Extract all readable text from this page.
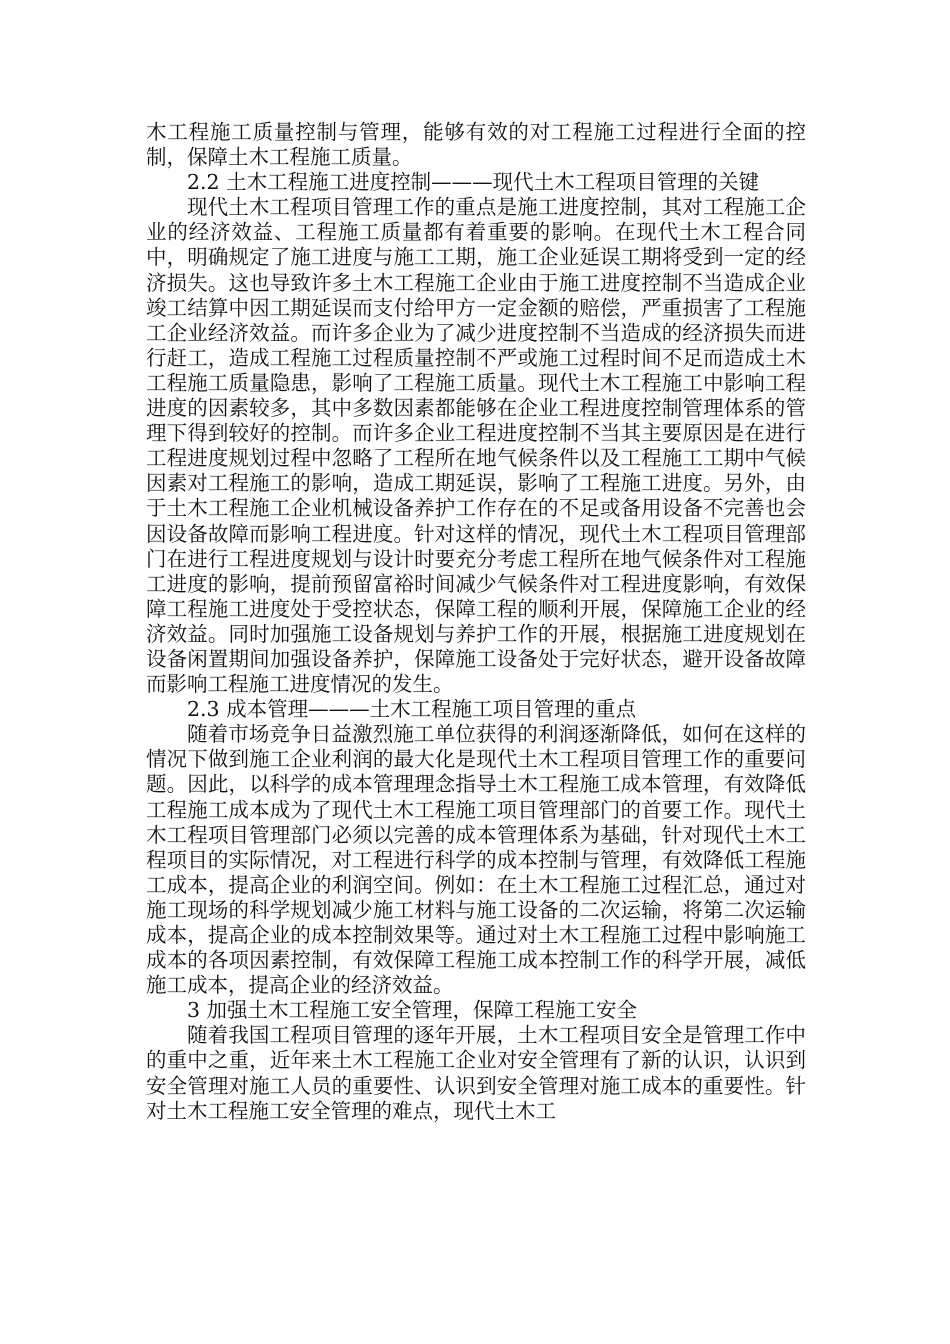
木工程施工质量控制与管理，能够有效的对工程施工过程进行全面的控制，保障土木工程施工质量。

2.2 土木工程施工进度控制———现代土木工程项目管理的关键

现代土木工程项目管理工作的重点是施工进度控制，其对工程施工企业的经济效益、工程施工质量都有着重要的影响。在现代土木工程合同中，明确规定了施工进度与施工工期，施工企业延误工期将受到一定的经济损失。这也导致许多土木工程施工企业由于施工进度控制不当造成企业竣工结算中因工期延误而支付给甲方一定金额的赔偿，严重损害了工程施工企业经济效益。而许多企业为了减少进度控制不当造成的经济损失而进行赶工，造成工程施工过程质量控制不严或施工过程时间不足而造成土木工程施工质量隐患，影响了工程施工质量。现代土木工程施工中影响工程进度的因素较多，其中多数因素都能够在企业工程进度控制管理体系的管理下得到较好的控制。而许多企业工程进度控制不当其主要原因是在进行工程进度规划过程中忽略了工程所在地气候条件以及工程施工工期中气候因素对工程施工的影响，造成工期延误，影响了工程施工进度。另外，由于土木工程施工企业机械设备养护工作存在的不足或备用设备不完善也会因设备故障而影响工程进度。针对这样的情况，现代土木工程项目管理部门在进行工程进度规划与设计时要充分考虑工程所在地气候条件对工程施工进度的影响，提前预留富裕时间减少气候条件对工程进度影响，有效保障工程施工进度处于受控状态，保障工程的顺利开展，保障施工企业的经济效益。同时加强施工设备规划与养护工作的开展，根据施工进度规划在设备闲置期间加强设备养护，保障施工设备处于完好状态，避开设备故障而影响工程施工进度情况的发生。

2.3 成本管理———土木工程施工项目管理的重点

随着市场竞争日益激烈施工单位获得的利润逐渐降低，如何在这样的情况下做到施工企业利润的最大化是现代土木工程项目管理工作的重要问题。因此，以科学的成本管理理念指导土木工程施工成本管理，有效降低工程施工成本成为了现代土木工程施工项目管理部门的首要工作。现代土木工程项目管理部门必须以完善的成本管理体系为基础，针对现代土木工程项目的实际情况，对工程进行科学的成本控制与管理，有效降低工程施工成本，提高企业的利润空间。例如：在土木工程施工过程汇总，通过对施工现场的科学规划减少施工材料与施工设备的二次运输，将第二次运输成本，提高企业的成本控制效果等。通过对土木工程施工过程中影响施工成本的各项因素控制，有效保障工程施工成本控制工作的科学开展，减低施工成本，提高企业的经济效益。

3 加强土木工程施工安全管理，保障工程施工安全

随着我国工程项目管理的逐年开展，土木工程项目安全是管理工作中的重中之重，近年来土木工程施工企业对安全管理有了新的认识，认识到安全管理对施工人员的重要性、认识到安全管理对施工成本的重要性。针对土木工程施工安全管理的难点，现代土木工
